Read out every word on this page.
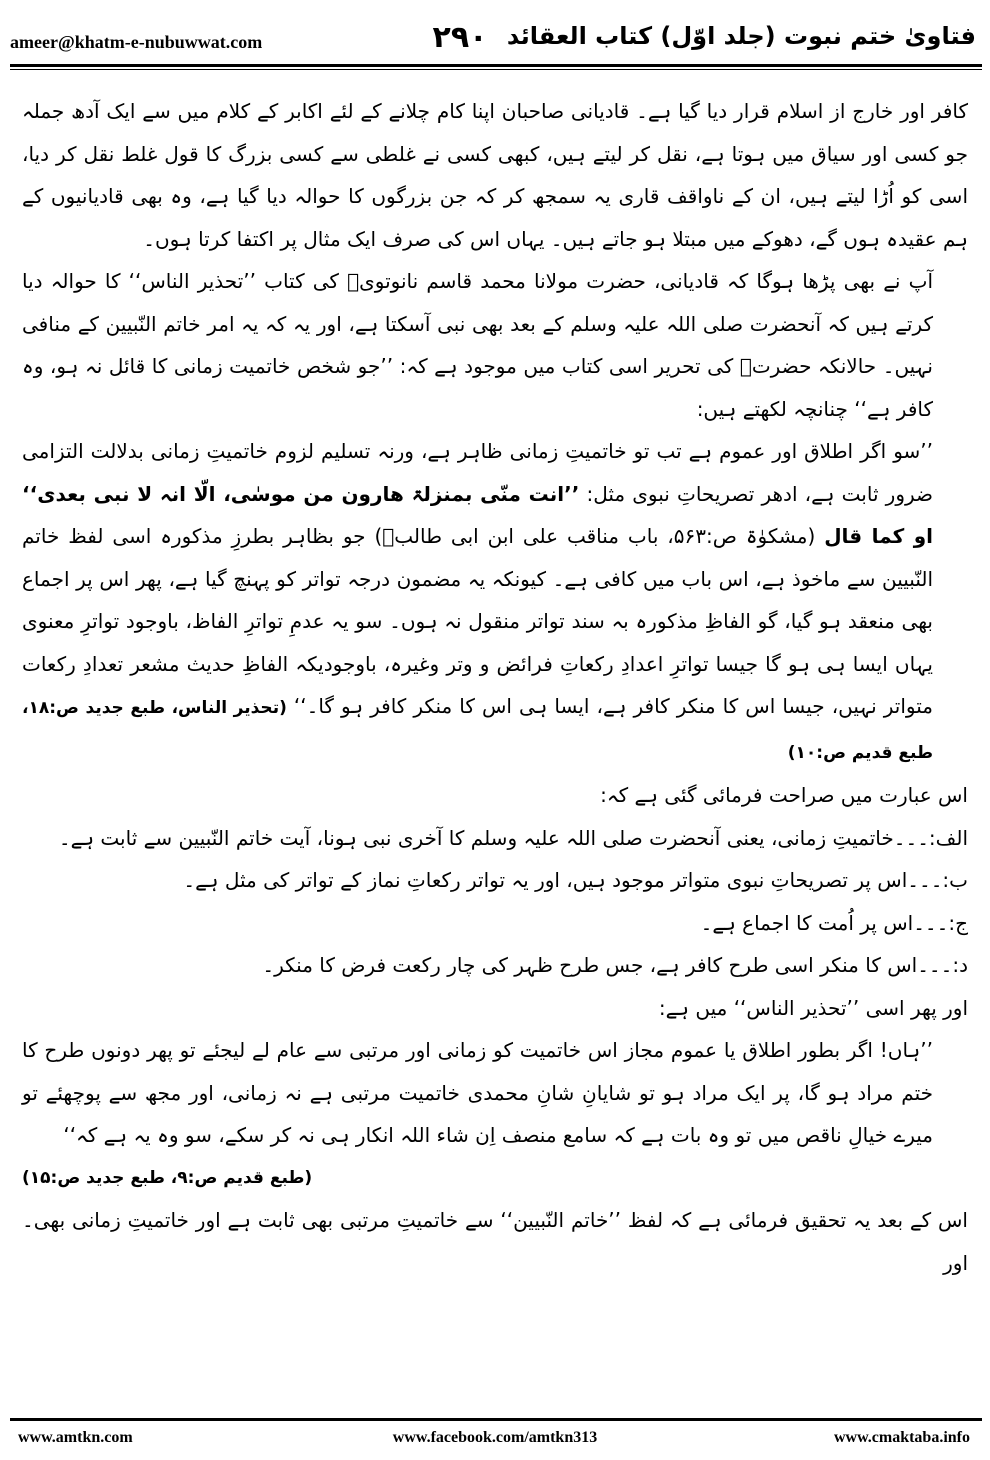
ameer@khatm-e-nubuwwat.com	۲۹۰ فتاویٰ ختم نبوت (جلد اوّل) کتاب العقائد

کافر اور خارج از اسلام قرار دیا گیا ہے۔ قادیانی صاحبان اپنا کام چلانے کے لئے اکابر کے کلام میں سے ایک آدھ جملہ جو کسی اور سیاق میں ہوتا ہے، نقل کر لیتے ہیں، کبھی کسی نے غلطی سے کسی بزرگ کا قول غلط نقل کر دیا، اسی کو اُڑا لیتے ہیں، ان کے ناواقف قاری یہ سمجھ کر کہ جن بزرگوں کا حوالہ دیا گیا ہے، وہ بھی قادیانیوں کے ہم عقیدہ ہوں گے، دھوکے میں مبتلا ہو جاتے ہیں۔ یہاں اس کی صرف ایک مثال پر اکتفا کرتا ہوں۔

آپ نے بھی پڑھا ہوگا کہ قادیانی، حضرت مولانا محمد قاسم نانوتویؒ کی کتاب ’’تحذیر الناس‘‘ کا حوالہ دیا کرتے ہیں کہ آنحضرت صلی اللہ علیہ وسلم کے بعد بھی نبی آسکتا ہے، اور یہ کہ یہ امر خاتم النّبیین کے منافی نہیں۔ حالانکہ حضرتؒ کی تحریر اسی کتاب میں موجود ہے کہ: ’’جو شخص خاتمیت زمانی کا قائل نہ ہو، وہ کافر ہے‘‘ چنانچہ لکھتے ہیں:

’’سو اگر اطلاق اور عموم ہے تب تو خاتمیتِ زمانی ظاہر ہے، ورنہ تسلیم لزوم خاتمیتِ زمانی بدلالت التزامی ضرور ثابت ہے، ادھر تصریحاتِ نبوی مثل: ’’انت منّی بمنزلۃ ھارون من موسٰی، الّا انہ لا نبی بعدی‘‘ او کما قال (مشکوٰۃ ص:۵۶۳، باب مناقب علی ابن ابی طالبؓ) جو بظاہر بطرزِ مذکورہ اسی لفظ خاتم النّبیین سے ماخوذ ہے، اس باب میں کافی ہے۔ کیونکہ یہ مضمون درجہ تواتر کو پہنچ گیا ہے، پھر اس پر اجماع بھی منعقد ہو گیا، گو الفاظِ مذکورہ بہ سند تواتر منقول نہ ہوں۔ سو یہ عدمِ تواترِ الفاظ، باوجود تواترِ معنوی یہاں ایسا ہی ہو گا جیسا تواترِ اعدادِ رکعاتِ فرائض و وتر وغیرہ، باوجودیکہ الفاظِ حدیث مشعر تعدادِ رکعات متواتر نہیں، جیسا اس کا منکر کافر ہے، ایسا ہی اس کا منکر کافر ہو گا۔‘‘ (تحذیر الناس، طبع جدید ص:۱۸، طبع قدیم ص:۱۰)

اس عبارت میں صراحت فرمائی گئی ہے کہ:

الف:۔۔۔خاتمیتِ زمانی، یعنی آنحضرت صلی اللہ علیہ وسلم کا آخری نبی ہونا، آیت خاتم النّبیین سے ثابت ہے۔

ب:۔۔۔اس پر تصریحاتِ نبوی متواتر موجود ہیں، اور یہ تواتر رکعاتِ نماز کے تواتر کی مثل ہے۔

ج:۔۔۔اس پر اُمت کا اجماع ہے۔

د:۔۔۔اس کا منکر اسی طرح کافر ہے، جس طرح ظہر کی چار رکعت فرض کا منکر۔

اور پھر اسی ’’تحذیر الناس‘‘ میں ہے:

’’ہاں! اگر بطور اطلاق یا عموم مجاز اس خاتمیت کو زمانی اور مرتبی سے عام لے لیجئے تو پھر دونوں طرح کا ختم مراد ہو گا، پر ایک مراد ہو تو شایانِ شانِ محمدی خاتمیت مرتبی ہے نہ زمانی، اور مجھ سے پوچھئے تو میرے خیالِ ناقص میں تو وہ بات ہے کہ سامع منصف اِن شاء اللہ انکار ہی نہ کر سکے، سو وہ یہ ہے کہ‘‘

(طبع قدیم ص:۹، طبع جدید ص:۱۵)

اس کے بعد یہ تحقیق فرمائی ہے کہ لفظ ’’خاتم النّبیین‘‘ سے خاتمیتِ مرتبی بھی ثابت ہے اور خاتمیتِ زمانی بھی۔ اور

www.amtkn.com	www.facebook.com/amtkn313	www.cmaktaba.info
